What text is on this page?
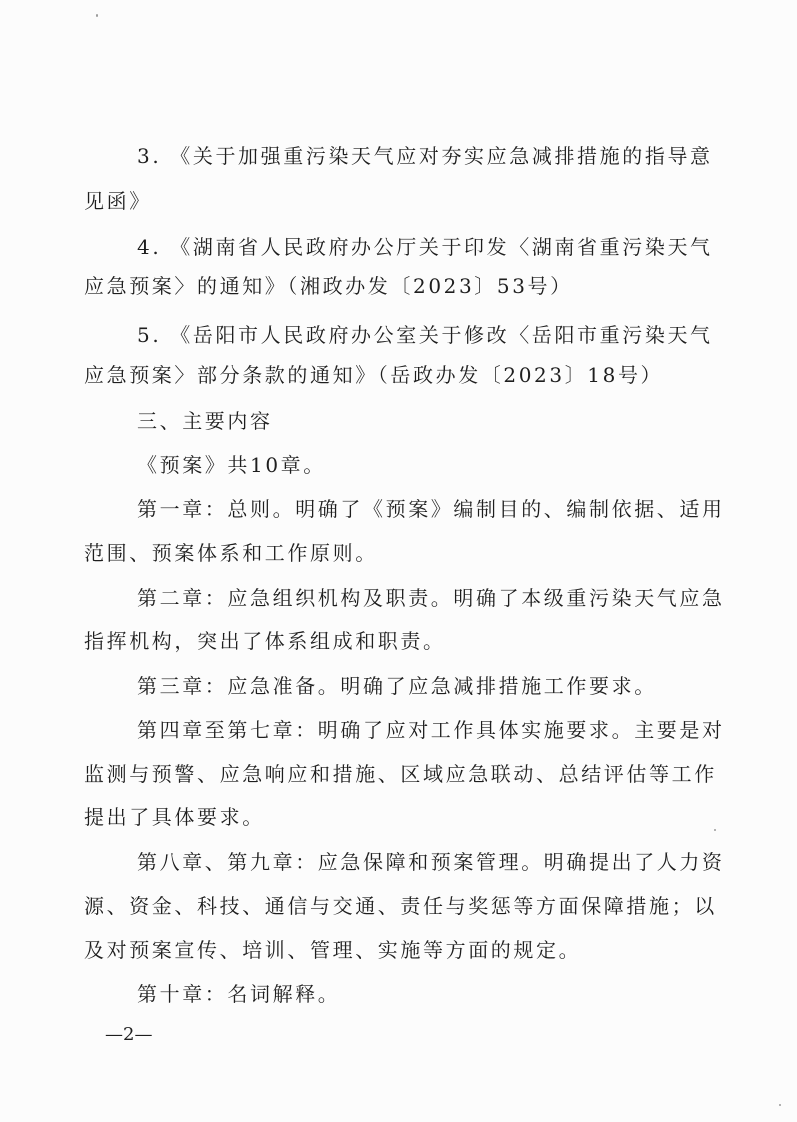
3. 《关于加强重污染天气应对夯实应急减排措施的指导意
见函》
4. 《湖南省人民政府办公厅关于印发〈湖南省重污染天气
应急预案〉的通知》（湘政办发〔2023〕53号）
5. 《岳阳市人民政府办公室关于修改〈岳阳市重污染天气
应急预案〉部分条款的通知》（岳政办发〔2023〕18号）
三、主要内容
《预案》共10章。
第一章：总则。明确了《预案》编制目的、编制依据、适用
范围、预案体系和工作原则。
第二章：应急组织机构及职责。明确了本级重污染天气应急
指挥机构，突出了体系组成和职责。
第三章：应急准备。明确了应急减排措施工作要求。
第四章至第七章：明确了应对工作具体实施要求。主要是对
监测与预警、应急响应和措施、区域应急联动、总结评估等工作
提出了具体要求。
第八章、第九章：应急保障和预案管理。明确提出了人力资
源、资金、科技、通信与交通、责任与奖惩等方面保障措施；以
及对预案宣传、培训、管理、实施等方面的规定。
第十章：名词解释。
—2—
